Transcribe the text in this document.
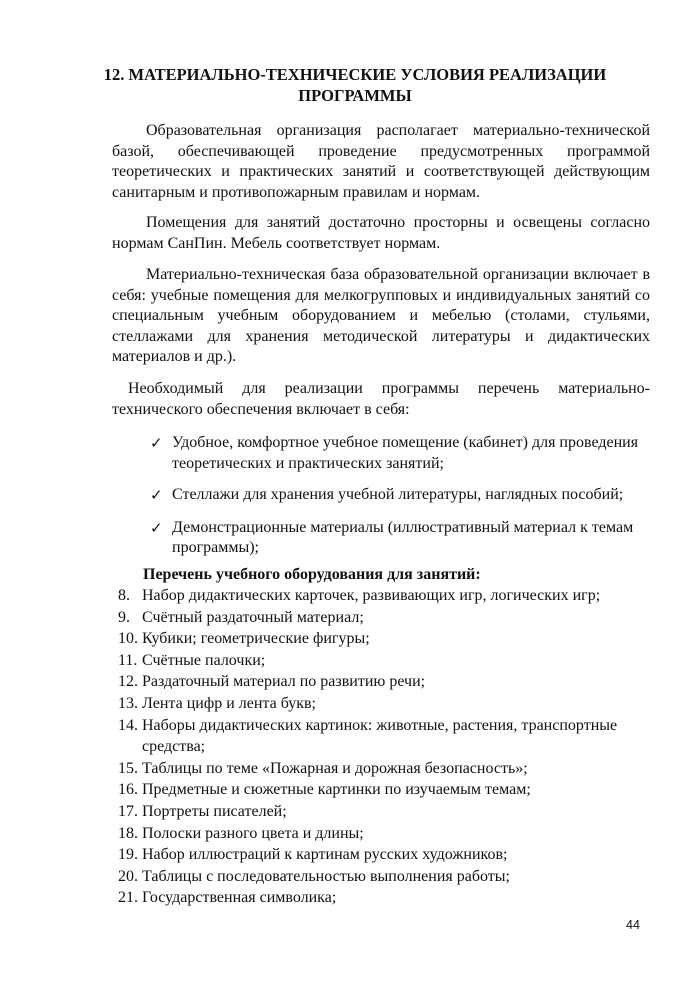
12. МАТЕРИАЛЬНО-ТЕХНИЧЕСКИЕ УСЛОВИЯ РЕАЛИЗАЦИИ
ПРОГРАММЫ
Образовательная организация располагает материально-технической базой, обеспечивающей проведение предусмотренных программой теоретических и практических занятий и соответствующей действующим санитарным и противопожарным правилам и нормам.
Помещения для занятий достаточно просторны и освещены согласно нормам СанПин. Мебель соответствует нормам.
Материально-техническая база образовательной организации включает в себя: учебные помещения для мелкогрупповых и индивидуальных занятий со специальным учебным оборудованием и мебелью (столами, стульями, стеллажами для хранения методической литературы и дидактических материалов и др.).
Необходимый для реализации программы перечень материально-технического обеспечения включает в себя:
✓ Удобное, комфортное учебное помещение (кабинет) для проведения теоретических и практических занятий;
✓ Стеллажи для хранения учебной литературы, наглядных пособий;
✓ Демонстрационные материалы (иллюстративный материал к темам программы);
Перечень учебного оборудования для занятий:
8. Набор дидактических карточек, развивающих игр, логических игр;
9. Счётный раздаточный материал;
10. Кубики; геометрические фигуры;
11. Счётные палочки;
12. Раздаточный материал по развитию речи;
13. Лента цифр и лента букв;
14. Наборы дидактических картинок: животные, растения, транспортные средства;
15. Таблицы по теме «Пожарная и дорожная безопасность»;
16. Предметные и сюжетные картинки по изучаемым темам;
17. Портреты писателей;
18. Полоски разного цвета и длины;
19. Набор иллюстраций к картинам русских художников;
20. Таблицы с последовательностью выполнения работы;
21. Государственная символика;
44
